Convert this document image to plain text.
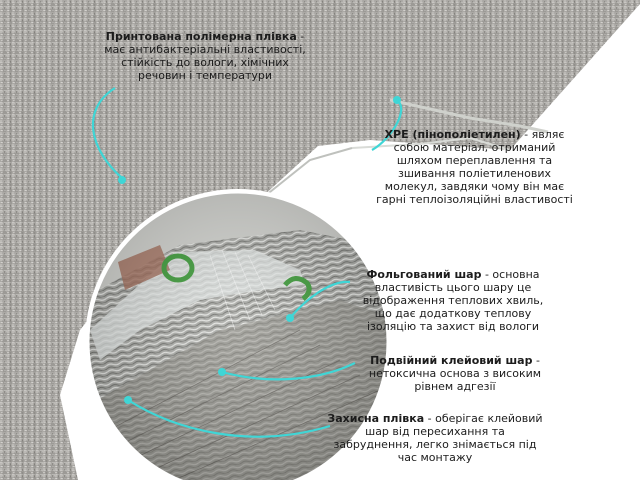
Принтована полімерна плівка - має антибактеріальні властивості, стійкість до вологи, хімічних речовин і температури
ХРЕ (пінополіетилен) - являє собою матеріал, отриманий шляхом переплавлення та зшивання поліетиленових молекул, завдяки чому він має гарні теплоізоляційні властивості
Фольгований шар - основна властивість цього шару це відображення теплових хвиль, що дає додаткову теплову ізоляцію та захист від вологи
Подвійний клейовий шар - нетоксична основа з високим рівнем адгезії
Захисна плівка - оберігає клейовий шар від пересихання та забруднення, легко знімається під час монтажу
